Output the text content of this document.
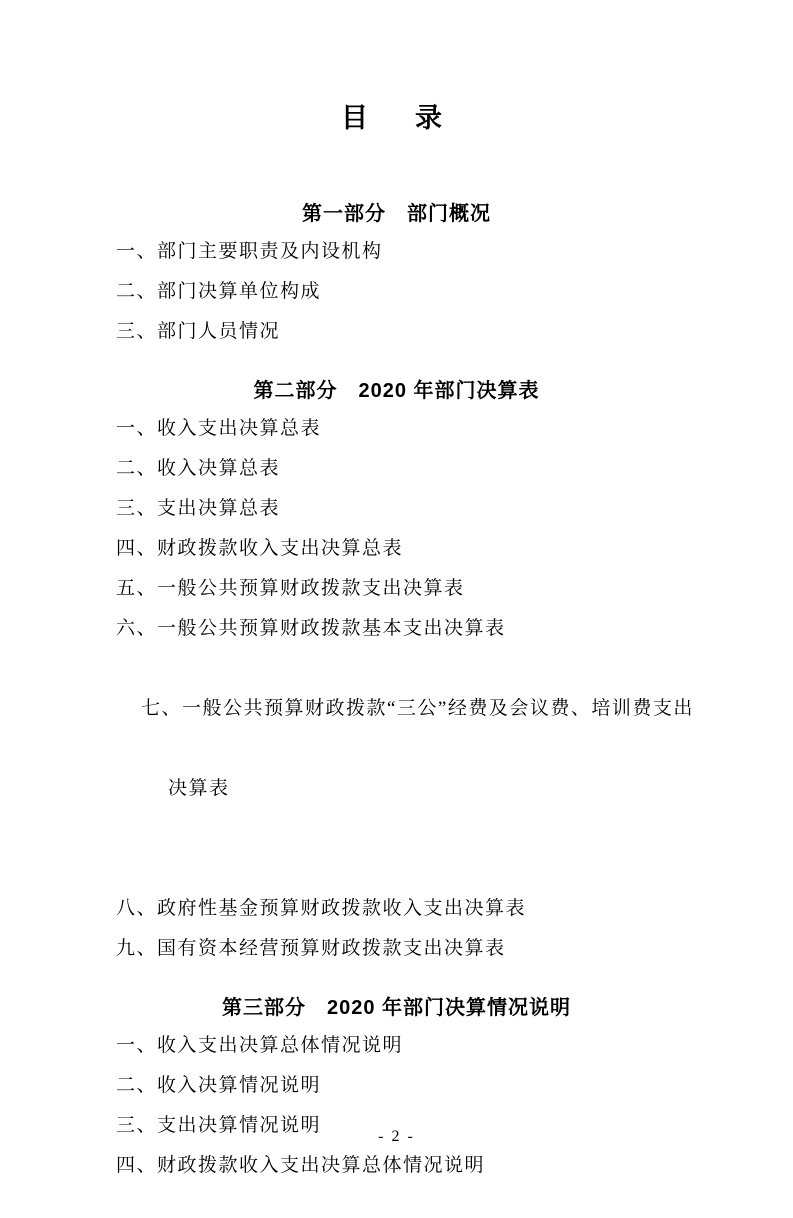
目　录
第一部分　部门概况
一、部门主要职责及内设机构
二、部门决算单位构成
三、部门人员情况
第二部分　2020 年部门决算表
一、收入支出决算总表
二、收入决算总表
三、支出决算总表
四、财政拨款收入支出决算总表
五、一般公共预算财政拨款支出决算表
六、一般公共预算财政拨款基本支出决算表

七、一般公共预算财政拨款“三公”经费及会议费、培训费支出

决算表

八、政府性基金预算财政拨款收入支出决算表
九、国有资本经营预算财政拨款支出决算表
第三部分　2020 年部门决算情况说明
一、收入支出决算总体情况说明
二、收入决算情况说明
三、支出决算情况说明
四、财政拨款收入支出决算总体情况说明
- 2 -
